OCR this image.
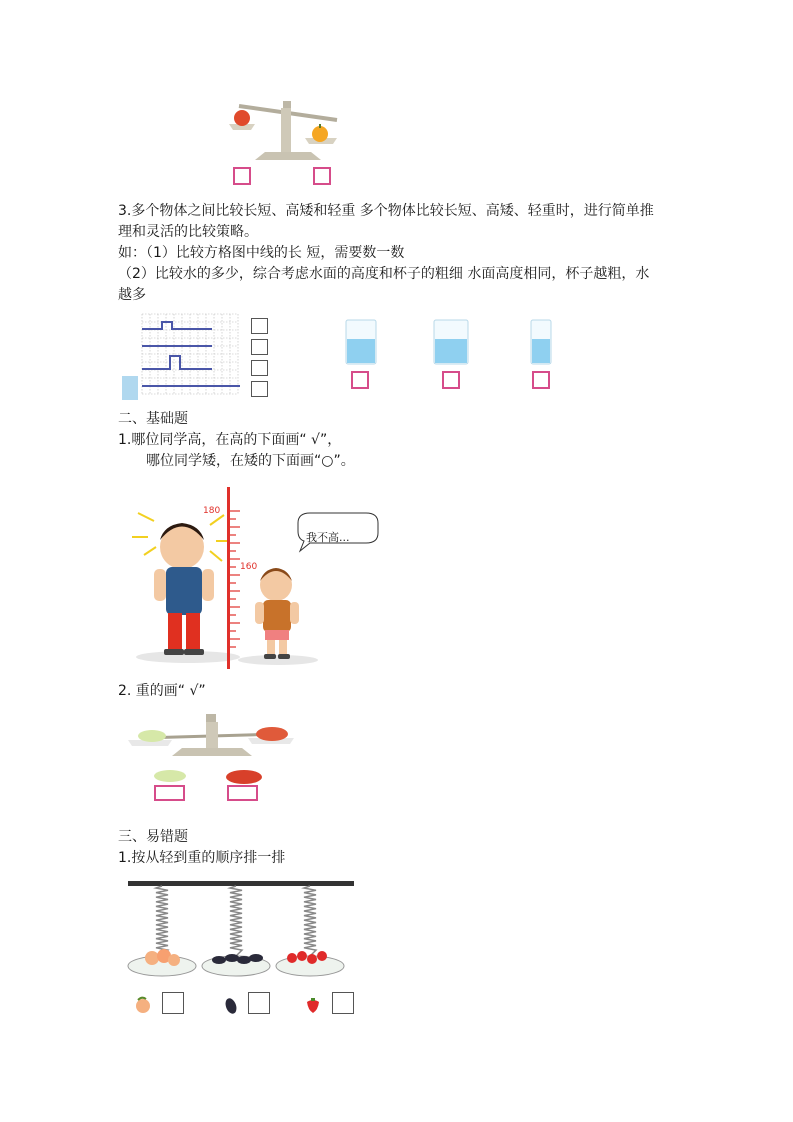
3.多个物体之间比较长短、高矮和轻重 多个物体比较长短、高矮、轻重时，进行简单推
理和灵活的比较策略。
如：（1）比较方格图中线的长 短，需要数一数
（2）比较水的多少，综合考虑水面的高度和杯子的粗细 水面高度相同，杯子越粗，水
越多
二、基础题
1.哪位同学高，在高的下面画“ √”，
哪位同学矮，在矮的下面画“○”。
180
160
我不高...
2. 重的画“ √”
三、易错题
1.按从轻到重的顺序排一排
